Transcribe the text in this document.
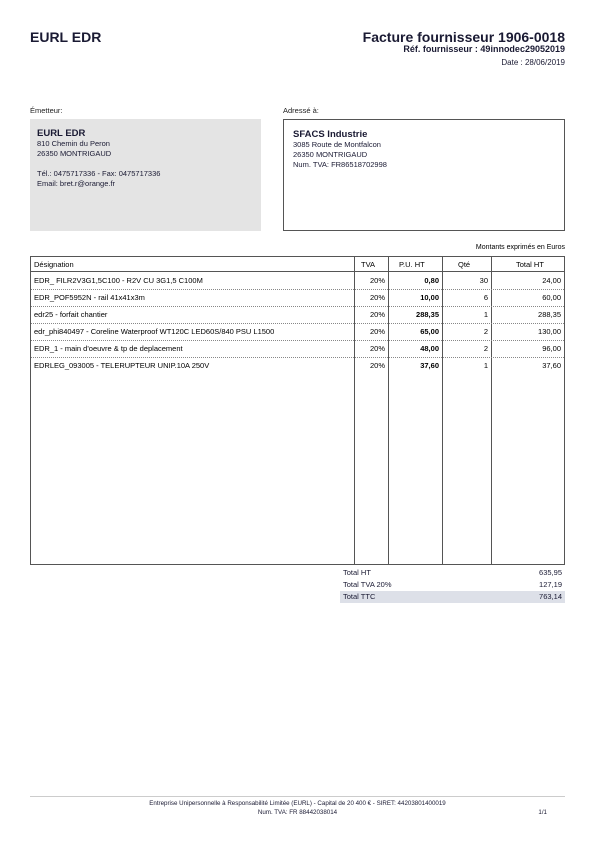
EURL EDR	Facture fournisseur 1906-0018
Réf. fournisseur : 49innodec29052019
Date : 28/06/2019
Émetteur:	Adressé à:
EURL EDR
810 Chemin du Peron
26350 MONTRIGAUD
Tél.: 0475717336 - Fax: 0475717336
Email: bret.r@orange.fr
SFACS Industrie
3085 Route de Montfalcon
26350 MONTRIGAUD
Num. TVA: FR86518702998
Montants exprimés en Euros
Désignation	TVA	P.U. HT	Qté	Total HT
EDR_ FILR2V3G1,5C100 - R2V CU 3G1,5 C100M	20%	0,80	30	24,00
EDR_POF5952N - rail 41x41x3m	20%	10,00	6	60,00
edr25 - forfait chantier	20%	288,35	1	288,35
edr_phi840497 - Coreline Waterproof WT120C LED60S/840 PSU L1500	20%	65,00	2	130,00
EDR_1 - main d'oeuvre & tp de deplacement	20%	48,00	2	96,00
EDRLEG_093005 - TELERUPTEUR UNIP.10A 250V	20%	37,60	1	37,60
Total HT	635,95
Total TVA 20%	127,19
Total TTC	763,14
Entreprise Unipersonnelle à Responsabilité Limitée (EURL) - Capital de 20 400 € - SIRET: 44203801400019
Num. TVA: FR 88442038014	1/1
